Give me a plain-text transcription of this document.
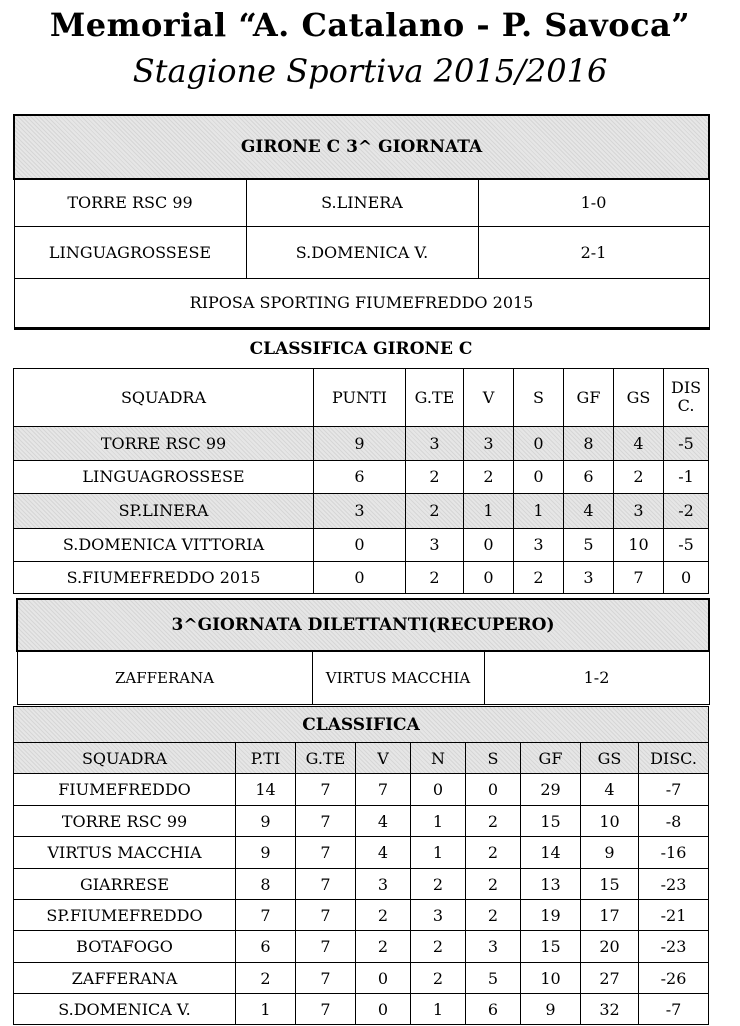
Memorial “A. Catalano - P. Savoca”
Stagione Sportiva 2015/2016
GIRONE C 3^ GIORNATA		
TORRE RSC 99	S.LINERA	1-0
LINGUAGROSSESE	S.DOMENICA V.	2-1
RIPOSA SPORTING FIUMEFREDDO 2015		
CLASSIFICA GIRONE C							
SQUADRA	PUNTI	G.TE	V	S	GF	GS	DIS C.
TORRE RSC 99	9	3	3	0	8	4	-5
LINGUAGROSSESE	6	2	2	0	6	2	-1
SP.LINERA	3	2	1	1	4	3	-2
S.DOMENICA VITTORIA	0	3	0	3	5	10	-5
S.FIUMEFREDDO 2015	0	2	0	2	3	7	0
3^GIORNATA DILETTANTI(RECUPERO)
ZAFFERANA	VIRTUS MACCHIA	1-2
CLASSIFICA								
SQUADRA	P.TI	G.TE	V	N	S	GF	GS	DISC.
FIUMEFREDDO	14	7	7	0	0	29	4	-7
TORRE RSC 99	9	7	4	1	2	15	10	-8
VIRTUS MACCHIA	9	7	4	1	2	14	9	-16
GIARRESE	8	7	3	2	2	13	15	-23
SP.FIUMEFREDDO	7	7	2	3	2	19	17	-21
BOTAFOGO	6	7	2	2	3	15	20	-23
ZAFFERANA	2	7	0	2	5	10	27	-26
S.DOMENICA V.	1	7	0	1	6	9	32	-7
